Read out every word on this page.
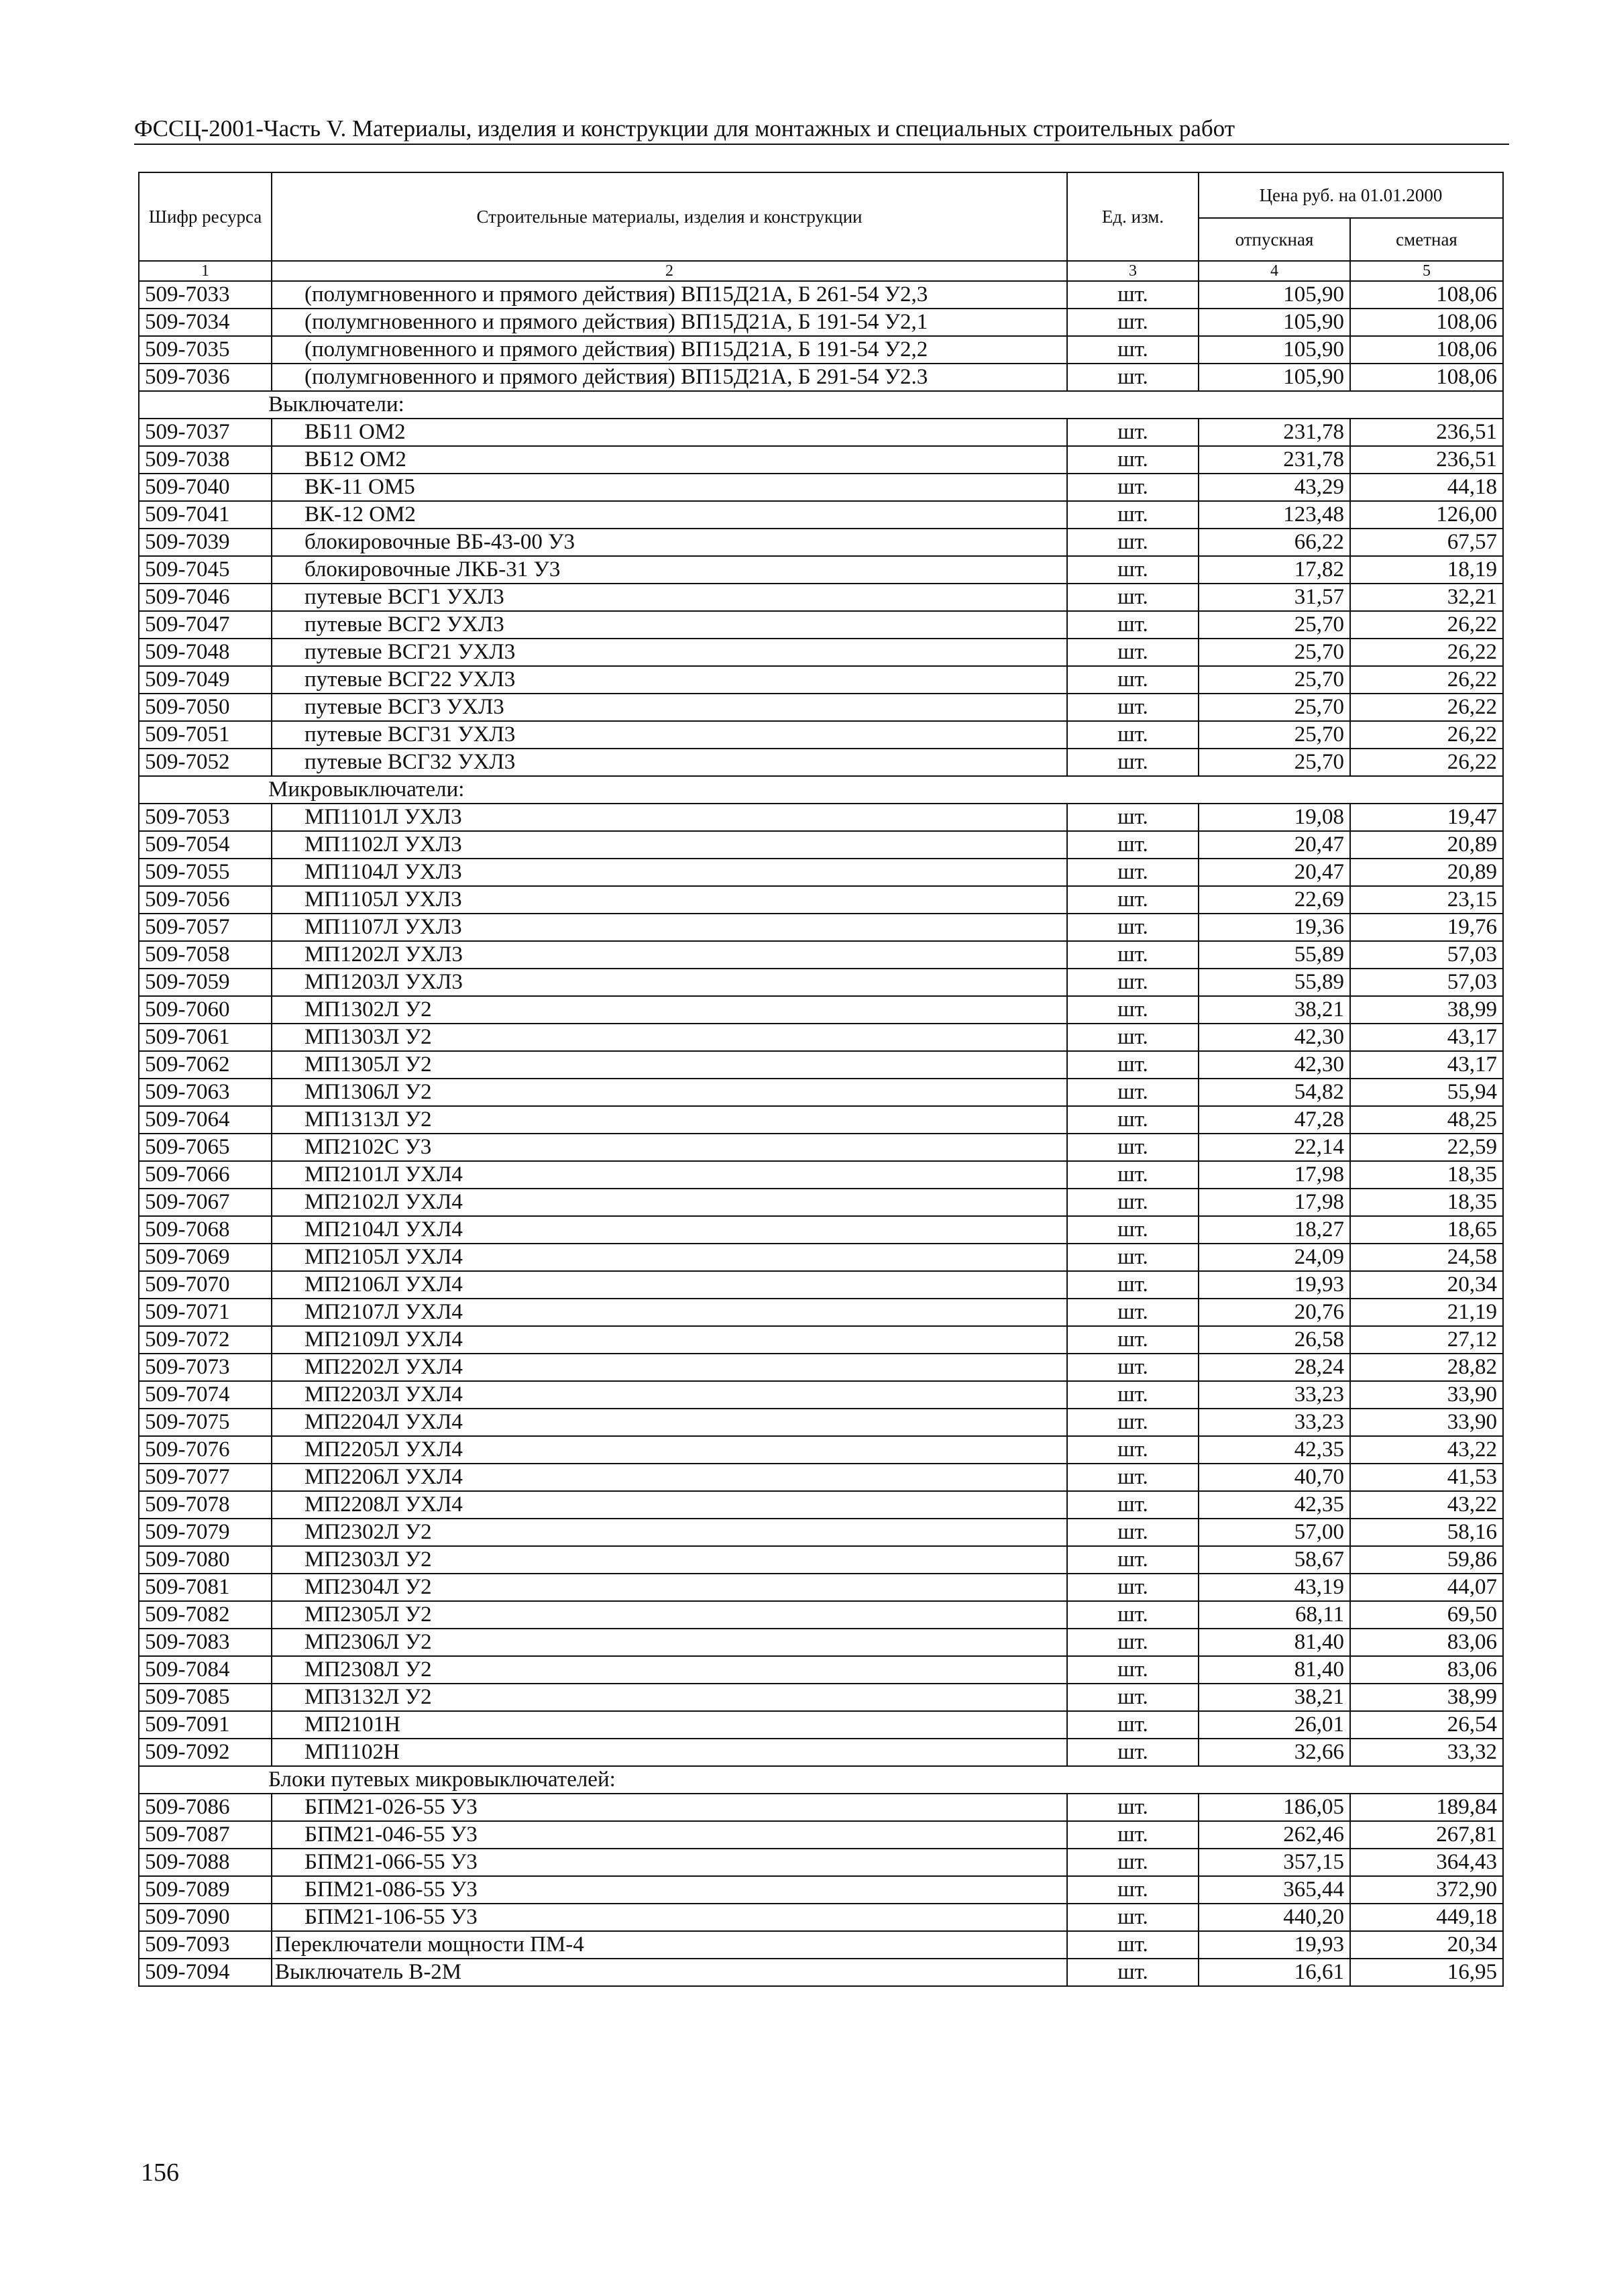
ФССЦ-2001-Часть V. Материалы, изделия и конструкции для монтажных и специальных строительных работ
Шифр ресурса	Строительные материалы, изделия и конструкции	Ед. изм.	Цена руб. на 01.01.2000	
			отпускная	сметная
1	2	3	4	5
509-7033	(полумгновенного и прямого действия) ВП15Д21А, Б 261-54 У2,3	шт.	105,90	108,06
509-7034	(полумгновенного и прямого действия) ВП15Д21А, Б 191-54 У2,1	шт.	105,90	108,06
509-7035	(полумгновенного и прямого действия) ВП15Д21А, Б 191-54 У2,2	шт.	105,90	108,06
509-7036	(полумгновенного и прямого действия) ВП15Д21А, Б 291-54 У2.3	шт.	105,90	108,06
Выключатели:				
509-7037	ВБ11 ОМ2	шт.	231,78	236,51
509-7038	ВБ12 ОМ2	шт.	231,78	236,51
509-7040	ВК-11 ОМ5	шт.	43,29	44,18
509-7041	ВК-12 ОМ2	шт.	123,48	126,00
509-7039	блокировочные ВБ-43-00 У3	шт.	66,22	67,57
509-7045	блокировочные ЛКБ-31 У3	шт.	17,82	18,19
509-7046	путевые ВСГ1 УХЛ3	шт.	31,57	32,21
509-7047	путевые ВСГ2 УХЛ3	шт.	25,70	26,22
509-7048	путевые ВСГ21 УХЛ3	шт.	25,70	26,22
509-7049	путевые ВСГ22 УХЛ3	шт.	25,70	26,22
509-7050	путевые ВСГ3 УХЛ3	шт.	25,70	26,22
509-7051	путевые ВСГ31 УХЛ3	шт.	25,70	26,22
509-7052	путевые ВСГ32 УХЛ3	шт.	25,70	26,22
Микровыключатели:				
509-7053	МП1101Л УХЛ3	шт.	19,08	19,47
509-7054	МП1102Л УХЛ3	шт.	20,47	20,89
509-7055	МП1104Л УХЛ3	шт.	20,47	20,89
509-7056	МП1105Л УХЛ3	шт.	22,69	23,15
509-7057	МП1107Л УХЛ3	шт.	19,36	19,76
509-7058	МП1202Л УХЛ3	шт.	55,89	57,03
509-7059	МП1203Л УХЛ3	шт.	55,89	57,03
509-7060	МП1302Л У2	шт.	38,21	38,99
509-7061	МП1303Л У2	шт.	42,30	43,17
509-7062	МП1305Л У2	шт.	42,30	43,17
509-7063	МП1306Л У2	шт.	54,82	55,94
509-7064	МП1313Л У2	шт.	47,28	48,25
509-7065	МП2102С У3	шт.	22,14	22,59
509-7066	МП2101Л УХЛ4	шт.	17,98	18,35
509-7067	МП2102Л УХЛ4	шт.	17,98	18,35
509-7068	МП2104Л УХЛ4	шт.	18,27	18,65
509-7069	МП2105Л УХЛ4	шт.	24,09	24,58
509-7070	МП2106Л УХЛ4	шт.	19,93	20,34
509-7071	МП2107Л УХЛ4	шт.	20,76	21,19
509-7072	МП2109Л УХЛ4	шт.	26,58	27,12
509-7073	МП2202Л УХЛ4	шт.	28,24	28,82
509-7074	МП2203Л УХЛ4	шт.	33,23	33,90
509-7075	МП2204Л УХЛ4	шт.	33,23	33,90
509-7076	МП2205Л УХЛ4	шт.	42,35	43,22
509-7077	МП2206Л УХЛ4	шт.	40,70	41,53
509-7078	МП2208Л УХЛ4	шт.	42,35	43,22
509-7079	МП2302Л У2	шт.	57,00	58,16
509-7080	МП2303Л У2	шт.	58,67	59,86
509-7081	МП2304Л У2	шт.	43,19	44,07
509-7082	МП2305Л У2	шт.	68,11	69,50
509-7083	МП2306Л У2	шт.	81,40	83,06
509-7084	МП2308Л У2	шт.	81,40	83,06
509-7085	МП3132Л У2	шт.	38,21	38,99
509-7091	МП2101Н	шт.	26,01	26,54
509-7092	МП1102Н	шт.	32,66	33,32
Блоки путевых микровыключателей:				
509-7086	БПМ21-026-55 У3	шт.	186,05	189,84
509-7087	БПМ21-046-55 У3	шт.	262,46	267,81
509-7088	БПМ21-066-55 У3	шт.	357,15	364,43
509-7089	БПМ21-086-55 У3	шт.	365,44	372,90
509-7090	БПМ21-106-55 У3	шт.	440,20	449,18
509-7093	Переключатели мощности ПМ-4	шт.	19,93	20,34
509-7094	Выключатель В-2М	шт.	16,61	16,95
156
